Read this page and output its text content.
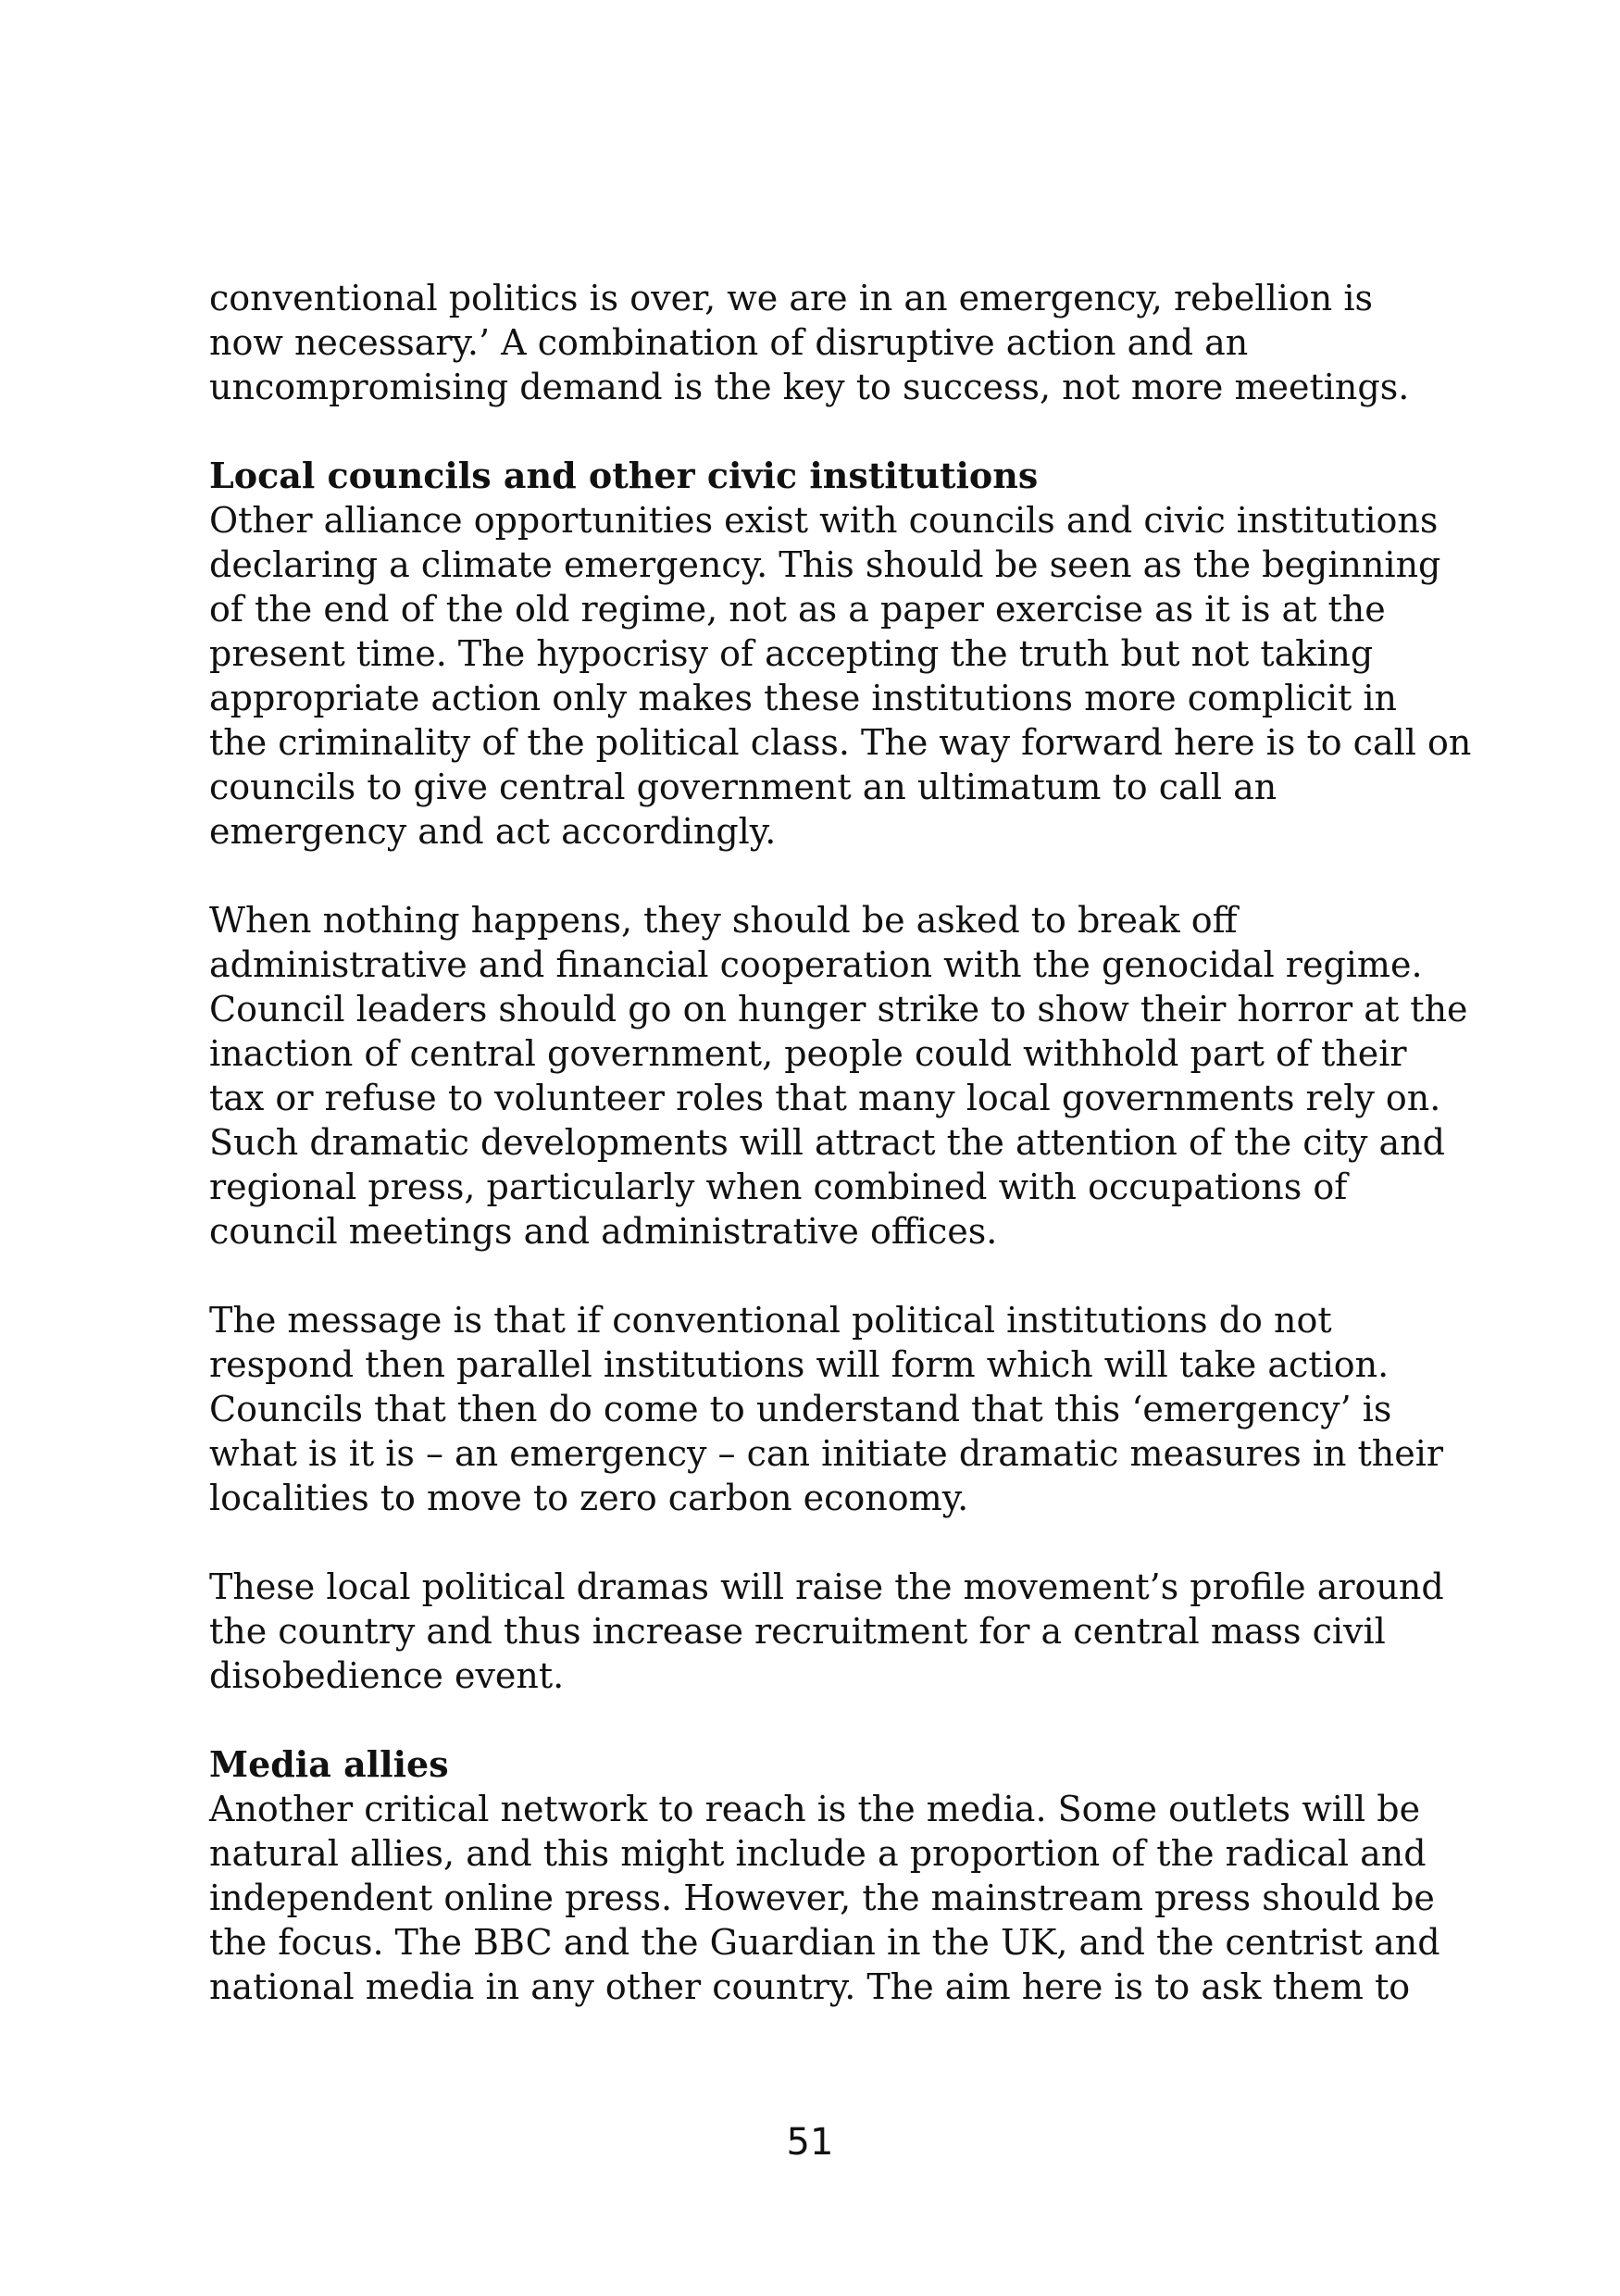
conventional politics is over, we are in an emergency, rebellion is
now necessary.’ A combination of disruptive action and an
uncompromising demand is the key to success, not more meetings.

Local councils and other civic institutions

Other alliance opportunities exist with councils and civic institutions
declaring a climate emergency. This should be seen as the beginning
of the end of the old regime, not as a paper exercise as it is at the
present time. The hypocrisy of accepting the truth but not taking
appropriate action only makes these institutions more complicit in
the criminality of the political class. The way forward here is to call on
councils to give central government an ultimatum to call an
emergency and act accordingly.

When nothing happens, they should be asked to break off
administrative and financial cooperation with the genocidal regime.
Council leaders should go on hunger strike to show their horror at the
inaction of central government, people could withhold part of their
tax or refuse to volunteer roles that many local governments rely on.
Such dramatic developments will attract the attention of the city and
regional press, particularly when combined with occupations of
council meetings and administrative offices.

The message is that if conventional political institutions do not
respond then parallel institutions will form which will take action.
Councils that then do come to understand that this ‘emergency’ is
what is it is – an emergency – can initiate dramatic measures in their
localities to move to zero carbon economy.

These local political dramas will raise the movement’s profile around
the country and thus increase recruitment for a central mass civil
disobedience event.

Media allies

Another critical network to reach is the media. Some outlets will be
natural allies, and this might include a proportion of the radical and
independent online press. However, the mainstream press should be
the focus. The BBC and the Guardian in the UK, and the centrist and
national media in any other country. The aim here is to ask them to

51
